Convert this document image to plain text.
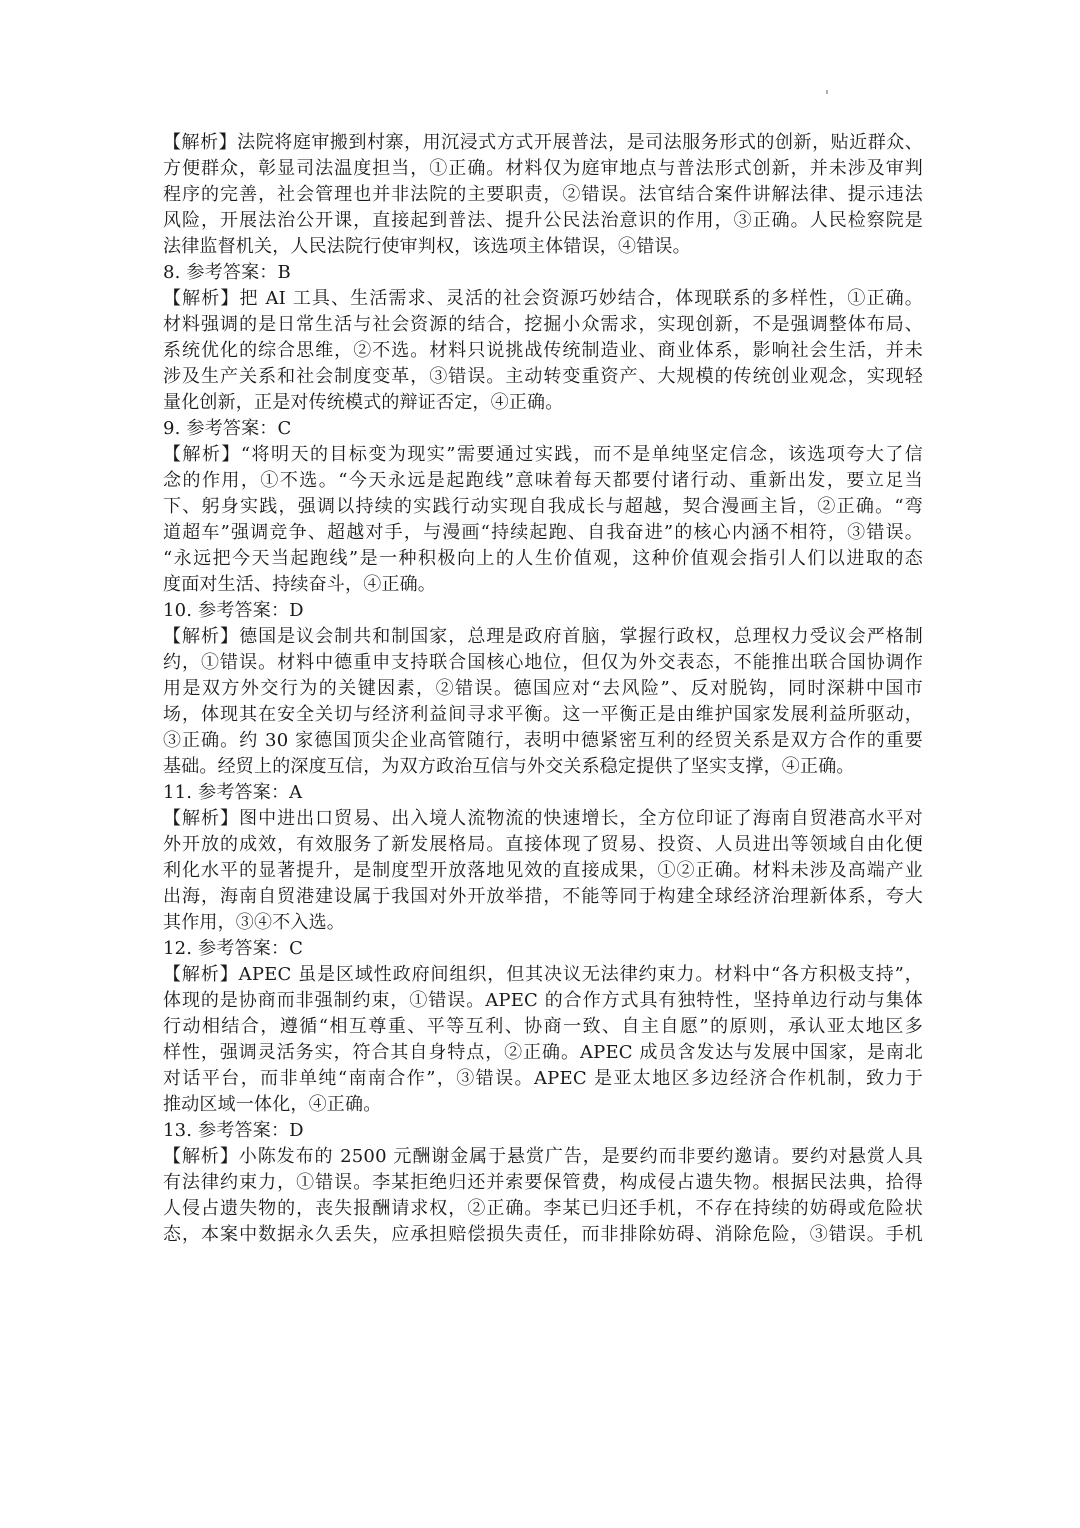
【解析】法院将庭审搬到村寨，用沉浸式方式开展普法，是司法服务形式的创新，贴近群众、
方便群众，彰显司法温度担当，①正确。材料仅为庭审地点与普法形式创新，并未涉及审判
程序的完善，社会管理也并非法院的主要职责，②错误。法官结合案件讲解法律、提示违法
风险，开展法治公开课，直接起到普法、提升公民法治意识的作用，③正确。人民检察院是
法律监督机关，人民法院行使审判权，该选项主体错误，④错误。
8. 参考答案：B
【解析】把 AI 工具、生活需求、灵活的社会资源巧妙结合，体现联系的多样性，①正确。
材料强调的是日常生活与社会资源的结合，挖掘小众需求，实现创新，不是强调整体布局、
系统优化的综合思维，②不选。材料只说挑战传统制造业、商业体系，影响社会生活，并未
涉及生产关系和社会制度变革，③错误。主动转变重资产、大规模的传统创业观念，实现轻
量化创新，正是对传统模式的辩证否定，④正确。
9. 参考答案：C
【解析】“将明天的目标变为现实”需要通过实践，而不是单纯坚定信念，该选项夸大了信
念的作用，①不选。“今天永远是起跑线”意味着每天都要付诸行动、重新出发，要立足当
下、躬身实践，强调以持续的实践行动实现自我成长与超越，契合漫画主旨，②正确。“弯
道超车”强调竞争、超越对手，与漫画“持续起跑、自我奋进”的核心内涵不相符，③错误。
“永远把今天当起跑线”是一种积极向上的人生价值观，这种价值观会指引人们以进取的态
度面对生活、持续奋斗，④正确。
10. 参考答案：D
【解析】德国是议会制共和制国家，总理是政府首脑，掌握行政权，总理权力受议会严格制
约，①错误。材料中德重申支持联合国核心地位，但仅为外交表态，不能推出联合国协调作
用是双方外交行为的关键因素，②错误。德国应对“去风险”、反对脱钩，同时深耕中国市
场，体现其在安全关切与经济利益间寻求平衡。这一平衡正是由维护国家发展利益所驱动，
③正确。约 30 家德国顶尖企业高管随行，表明中德紧密互利的经贸关系是双方合作的重要
基础。经贸上的深度互信，为双方政治互信与外交关系稳定提供了坚实支撑，④正确。
11. 参考答案：A
【解析】图中进出口贸易、出入境人流物流的快速增长，全方位印证了海南自贸港高水平对
外开放的成效，有效服务了新发展格局。直接体现了贸易、投资、人员进出等领域自由化便
利化水平的显著提升，是制度型开放落地见效的直接成果，①②正确。材料未涉及高端产业
出海，海南自贸港建设属于我国对外开放举措，不能等同于构建全球经济治理新体系，夸大
其作用，③④不入选。
12. 参考答案：C
【解析】APEC 虽是区域性政府间组织，但其决议无法律约束力。材料中“各方积极支持”，
体现的是协商而非强制约束，①错误。APEC 的合作方式具有独特性，坚持单边行动与集体
行动相结合，遵循“相互尊重、平等互利、协商一致、自主自愿”的原则，承认亚太地区多
样性，强调灵活务实，符合其自身特点，②正确。APEC 成员含发达与发展中国家，是南北
对话平台，而非单纯“南南合作”，③错误。APEC 是亚太地区多边经济合作机制，致力于
推动区域一体化，④正确。
13. 参考答案：D
【解析】小陈发布的 2500 元酬谢金属于悬赏广告，是要约而非要约邀请。要约对悬赏人具
有法律约束力，①错误。李某拒绝归还并索要保管费，构成侵占遗失物。根据民法典，拾得
人侵占遗失物的，丧失报酬请求权，②正确。李某已归还手机，不存在持续的妨碍或危险状
态，本案中数据永久丢失，应承担赔偿损失责任，而非排除妨碍、消除危险，③错误。手机
